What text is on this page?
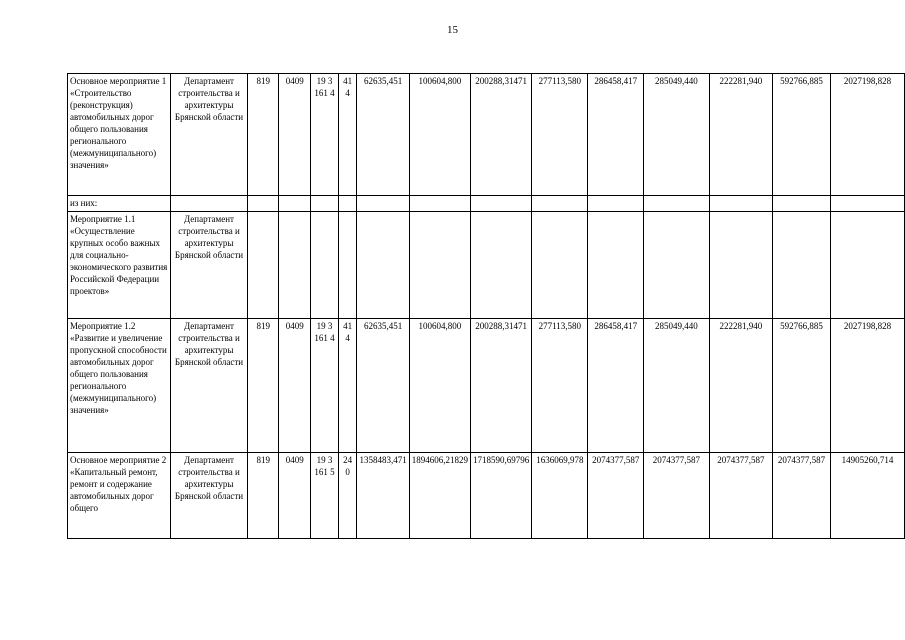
15
Основное мероприятие 1 «Строительство (реконструкция) автомобильных дорог общего пользования регионального (межмуниципального) значения»	Департамент строительства и архитектуры Брянской области	819	0409	19 3 161 4	41 4	62635,451	100604,800	200288,31471	277113,580	286458,417	285049,440	222281,940	592766,885	2027198,828
из них:														
Мероприятие 1.1 «Осуществление крупных особо важных для социально-экономического развития Российской Федерации проектов»	Департамент строительства и архитектуры Брянской области													
Мероприятие 1.2 «Развитие и увеличение пропускной способности автомобильных дорог общего пользования регионального (межмуниципального) значения»	Департамент строительства и архитектуры Брянской области	819	0409	19 3 161 4	41 4	62635,451	100604,800	200288,31471	277113,580	286458,417	285049,440	222281,940	592766,885	2027198,828
Основное мероприятие 2 «Капитальный ремонт, ремонт и содержание автомобильных дорог общего	Департамент строительства и архитектуры Брянской области	819	0409	19 3 161 5	24 0	1358483,471	1894606,21829	1718590,69796	1636069,978	2074377,587	2074377,587	2074377,587	2074377,587	14905260,714
